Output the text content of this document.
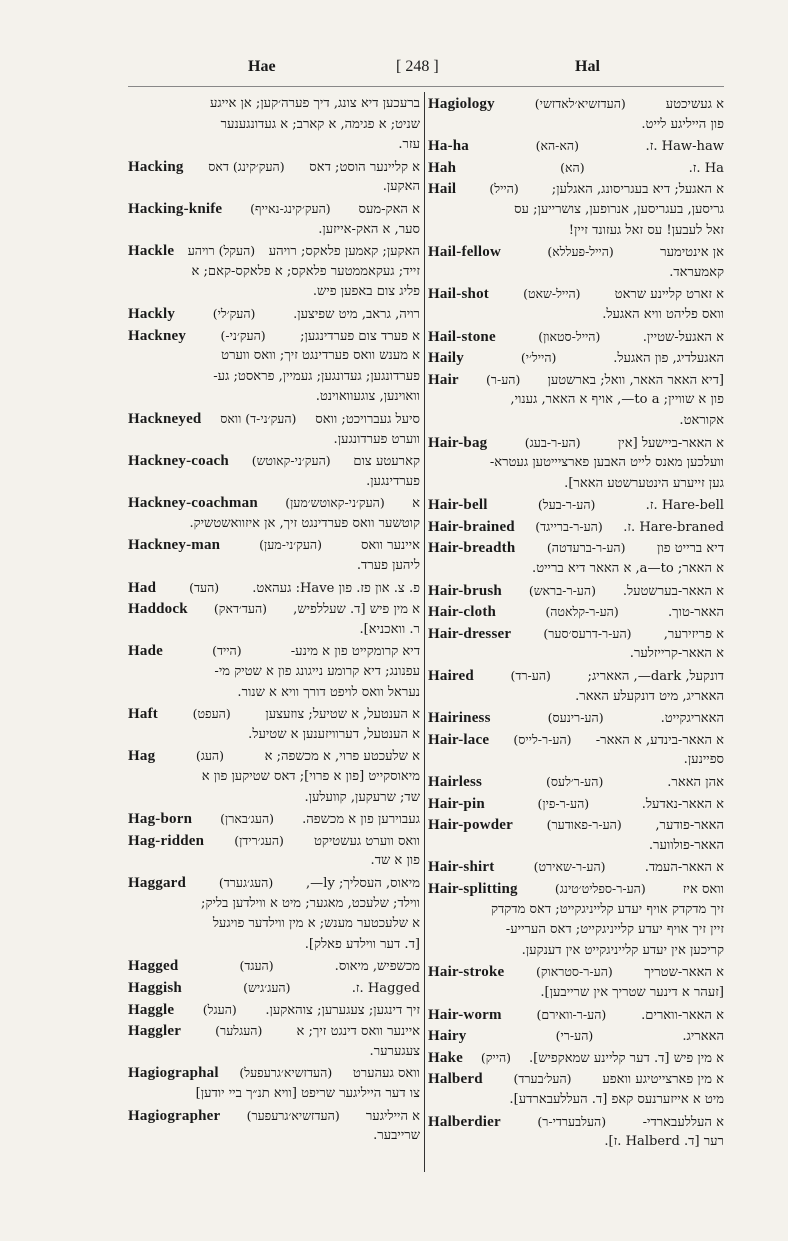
Hae	[ 248 ]	Hal
ברעכען דיא צונג, דיך פערה׳קען; אן אייגע
שניט; א פגימה, א קארב; א געדונגענער
עזר.
Hacking (העק׳קינג) דאס א קליינער הוסט; דאס
האקען.
Hacking-knife (העק׳קינג-נאייף) א האק-מעס
סער, א האק-אייזען.
Hackle (העקל) רויהע האקען; קאמען פלאקס; רויהע
זייד; געקאממטער פלאקס; א פלאקס-קאם; א
פליג צום באפען פיש.
Hackly	(העק׳לי)	רויה, גראב, מיט שפיצען.
Hackney	(העק׳ני-)	א פערד צום פערדינגען;
א מענש וואס פערדינגט זיך; וואס ווערט
פערדונגען; געדונגען; געמיין, פראסט; גע-
וואוינען, צוגעוואוינט.
Hackneyed (העק׳ני-ד) וואס סיעל געברויכט; וואס
ווערט פערדונגען.
Hackney-coach (העק׳ני-קאוטש) קארעטע צום
פערדינגען.
Hackney-coachman (העק׳ני-קאוטש׳מען) א
קוטשער וואס פערדינגט זיך, אן איזוואשטשיק.
Hackney-man	(העק׳ני-מען)	איינער וואס
ליהען פערד.
Had	(העד)	פ. צ. און פז. פון Have: געהאט.
Haddock (העד׳דאק) א מין פיש [ד. שעללפיש,
ר. וואכניא].
Hade	(הייד)	דיא קרומקייט פון א מינע-
עפנונג; דיא קרומע נייגונג פון א שטיק מי-
נעראל וואס לויפט דורך וויא א שנור.
Haft	(העפט)	א הענטעל, א שטיעל; צוזעצען
א הענטעל, דערוויזענען א שטיעל.
Hag	(העג)	א שלעכטע פרוי, א מכשפה; א
מיאוסקייט [פון א פרוי]; דאס שטיקען פון א
שד; שרעקען, קוועלען.
Hag-born (העג׳בארן) געבוירען פון א מכשפה.
Hag-ridden (העג׳רידן) וואס ווערט געשטיקט
פון א שד.
Haggard	(העג׳גערד)	מיאוס, העסליך; ly—,
ווילד; שלעכט, מאגער; מיט א ווילדען בליק;
א שלעכטער מענש; א מין ווילדער פויגעל
[ד. דער ווילדע פאלק].
Hagged	(העגד)	מכשפיש, מיאוס.
Haggish	(העג׳גיש)	Hagged .ז.
Haggle (העגל) זיך דינגען; צעגערען; צוהאקען.
Haggler	(העגלער)	איינער וואס דינגט זיך; א
צעגערער.
Hagiographal (העדזשיא׳גרעפעל) וואס געהערט
צו דער הייליגער שריפט [וויא תנ״ך ביי יודען]
Hagiographer (העדזשיא׳גרעפער) א הייליגער
שרייבער.
Hagiology	(העדזשיא׳לאדזשי)	א געשיכטע
פון הייליגע לייט.
Ha-ha	(הא-הא)	Haw-haw .ז.
Hah	(הא)	Ha .ז.
Hail	(הייל)	א האגעל; דיא בעגריסונג, האגלען;
גריסען, בעגריסען, אנרופען, צושרייען; עס
זאל לעבען! עס זאל געזונד זיין!
Hail-fellow	(הייל-פעללא)	אן אינטימער
קאמעראד.
Hail-shot	(הייל-שאט)	א זארט קליינע שראט
וואס פליהט וויא האגעל.
Hail-stone	(הייל-סטאון)	א האגעל-שטיין.
Haily	(הייל׳י)	האגעלדיג, פון האגעל.
Hair (הע-ר) [דיא האאר האאר, וואל; בארשטען
פון א שוויין; to a—, אויף א האאר, גענוי,
אקוראט.
Hair-bag	(הע-ר-בעג)	א האאר-ביישעל [אין
וועלכען מאנס לייט האבען פארציייטען געטרא-
גען זייערע הינטערשטע האאר].
Hair-bell	(הע-ר-בעל)	Hare-bell .ז.
Hair-brained (הע-ר-ברייגד) Hare-braned .ז.
Hair-breadth	(הע-ר-ברעדטה) דיא ברייט פון
א האאר; a—to, א האאר דיא ברייט.
Hair-brush (הע-ר-בראש) א האאר-בערשטעל.
Hair-cloth	(הע-ר-קלאטה)	האאר-טוך.
Hair-dresser	(הע-ר-דרעס׳סער) א פריזירער,
א האאר-קרייזלער.
Haired	(הע-רד)	דונקעל, dark—, האאריג;
האאריג, מיט דונקעלע האאר.
Hairiness	(הע-רינעס)	האאריגקייט.
Hair-lace (הע-ר-לייס) א האאר-בינדע, א האאר-
ספיינען.
Hairless	(הע-ר׳לעס)	אהן האאר.
Hair-pin	(הע-ר-פין)	א האאר-נאדעל.
Hair-powder	(הע-ר-פאודער)	האאר-פודער,
האאר-פולווער.
Hair-shirt	(הע-ר-שאירט)	א האאר-העמד.
Hair-splitting	(הע-ר-ספליט׳טינג)	וואס איז
זיך מדקדק אויף יעדע קלייניגקייט; דאס מדקדק
זיין זיך אויף יעדע קלייניגקייט; דאס הערייע-
קריכען אין יעדע קלייניגקייט אין דענקען.
Hair-stroke	(הע-ר-סטראוק) א האאר-שטריך
[זעהר א דינער שטריך אין שרייבען].
Hair-worm	(הע-ר-וואירם)	א האאר-ווארים.
Hairy	(הע-רי)	האאריג.
Hake (הייק) א מין פיש [ד. דער קליינע שמאקפיש].
Halberd (העל׳בערד) א מין פארצייטיגע וואפע
מיט א אייזערנעס קאפ [ד. העללעבארדע].
Halberdier	(העלבערדי-ר)	א העללעבארדי-
רער [ד. Halberd .ז].
